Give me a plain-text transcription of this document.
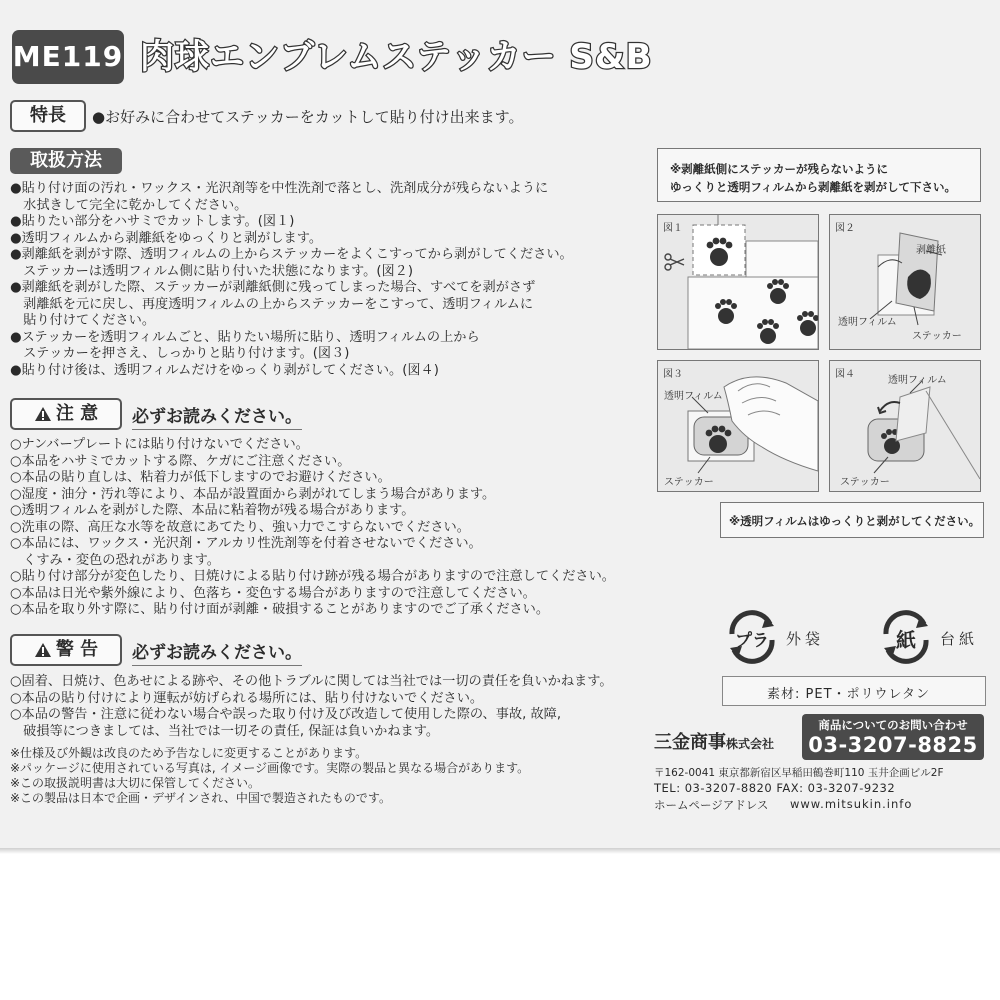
ME119 肉球エンブレムステッカー S&B
特長	●お好みに合わせてステッカーをカットして貼り付け出来ます。
取扱方法
●貼り付け面の汚れ・ワックス・光沢剤等を中性洗剤で落とし、洗剤成分が残らないように
　水拭きして完全に乾かしてください。
●貼りたい部分をハサミでカットします。(図１)
●透明フィルムから剥離紙をゆっくりと剥がします。
●剥離紙を剥がす際、透明フィルムの上からステッカーをよくこすってから剥がしてください。
　ステッカーは透明フィルム側に貼り付いた状態になります。(図２)
●剥離紙を剥がした際、ステッカーが剥離紙側に残ってしまった場合、すべてを剥がさず
　剥離紙を元に戻し、再度透明フィルムの上からステッカーをこすって、透明フィルムに
　貼り付けてください。
●ステッカーを透明フィルムごと、貼りたい場所に貼り、透明フィルムの上から
　ステッカーを押さえ、しっかりと貼り付けます。(図３)
●貼り付け後は、透明フィルムだけをゆっくり剥がしてください。(図４)
注 意	必ずお読みください。
○ナンバープレートには貼り付けないでください。
○本品をハサミでカットする際、ケガにご注意ください。
○本品の貼り直しは、粘着力が低下しますのでお避けください。
○湿度・油分・汚れ等により、本品が設置面から剥がれてしまう場合があります。
○透明フィルムを剥がした際、本品に粘着物が残る場合があります。
○洗車の際、高圧な水等を故意にあてたり、強い力でこすらないでください。
○本品には、ワックス・光沢剤・アルカリ性洗剤等を付着させないでください。
　くすみ・変色の恐れがあります。
○貼り付け部分が変色したり、日焼けによる貼り付け跡が残る場合がありますので注意してください。
○本品は日光や紫外線により、色落ち・変色する場合がありますので注意してください。
○本品を取り外す際に、貼り付け面が剥離・破損することがありますのでご了承ください。
警 告	必ずお読みください。
○固着、日焼け、色あせによる跡や、その他トラブルに関しては当社では一切の責任を負いかねます。
○本品の貼り付けにより運転が妨げられる場所には、貼り付けないでください。
○本品の警告・注意に従わない場合や誤った取り付け及び改造して使用した際の、事故, 故障,
　破損等につきましては、当社では一切その責任, 保証は負いかねます。
※仕様及び外観は改良のため予告なしに変更することがあります。
※パッケージに使用されている写真は, イメージ画像です。実際の製品と異なる場合があります。
※この取扱説明書は大切に保管してください。
※この製品は日本で企画・デザインされ、中国で製造されたものです。
※剥離紙側にステッカーが残らないように
ゆっくりと透明フィルムから剥離紙を剥がして下さい。
図１	図２
剥離紙
透明フィルム
ステッカー
図３
透明フィルム
ステッカー
図４
透明フィルム
ステッカー
※透明フィルムはゆっくりと剥がしてください。
プラ 外袋	紙 台紙
素材: PET・ポリウレタン
三金商事株式会社
商品についてのお問い合わせ
03-3207-8825
〒162-0041 東京都新宿区早稲田鶴巻町110 玉井企画ビル2F
TEL: 03-3207-8820 FAX: 03-3207-9232
ホームページアドレス www.mitsukin.info
